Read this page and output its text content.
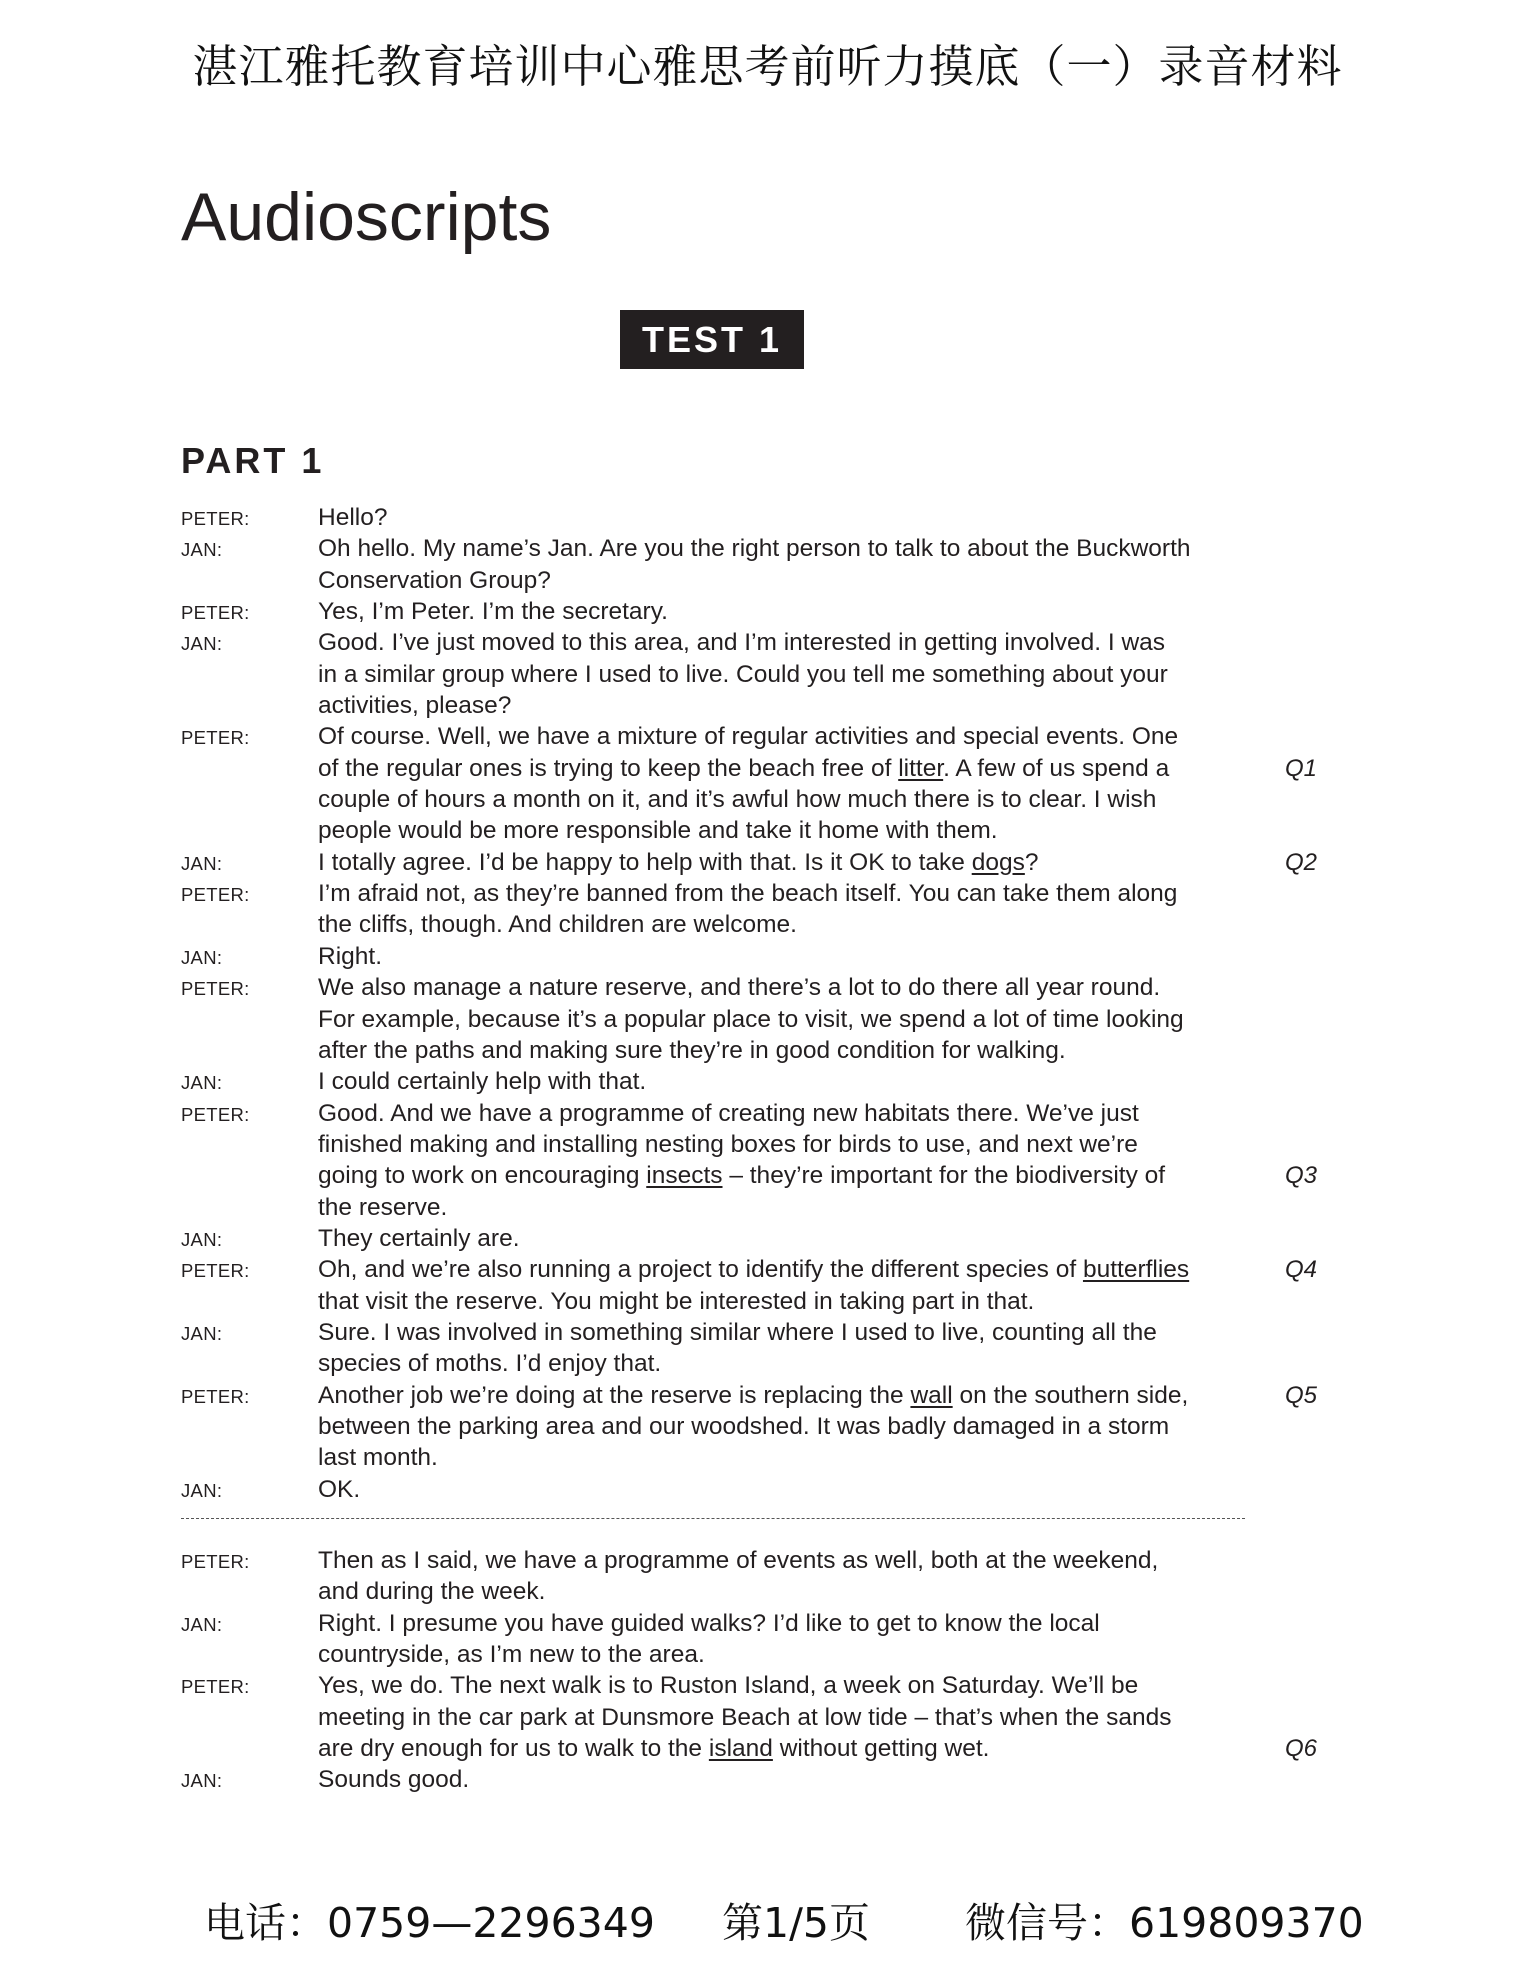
湛江雅托教育培训中心雅思考前听力摸底（一）录音材料
Audioscripts
TEST 1
PART 1
PETER:	Hello?
JAN:	Oh hello. My name’s Jan. Are you the right person to talk to about the Buckworth
Conservation Group?
PETER:	Yes, I’m Peter. I’m the secretary.
JAN:	Good. I’ve just moved to this area, and I’m interested in getting involved. I was
in a similar group where I used to live. Could you tell me something about your
activities, please?
PETER:	Of course. Well, we have a mixture of regular activities and special events. One
of the regular ones is trying to keep the beach free of litter. A few of us spend a	Q1
couple of hours a month on it, and it’s awful how much there is to clear. I wish
people would be more responsible and take it home with them.
JAN:	I totally agree. I’d be happy to help with that. Is it OK to take dogs?	Q2
PETER:	I’m afraid not, as they’re banned from the beach itself. You can take them along
the cliffs, though. And children are welcome.
JAN:	Right.
PETER:	We also manage a nature reserve, and there’s a lot to do there all year round.
For example, because it’s a popular place to visit, we spend a lot of time looking
after the paths and making sure they’re in good condition for walking.
JAN:	I could certainly help with that.
PETER:	Good. And we have a programme of creating new habitats there. We’ve just
finished making and installing nesting boxes for birds to use, and next we’re
going to work on encouraging insects – they’re important for the biodiversity of	Q3
the reserve.
JAN:	They certainly are.
PETER:	Oh, and we’re also running a project to identify the different species of butterflies	Q4
that visit the reserve. You might be interested in taking part in that.
JAN:	Sure. I was involved in something similar where I used to live, counting all the
species of moths. I’d enjoy that.
PETER:	Another job we’re doing at the reserve is replacing the wall on the southern side,	Q5
between the parking area and our woodshed. It was badly damaged in a storm
last month.
JAN:	OK.
PETER:	Then as I said, we have a programme of events as well, both at the weekend,
and during the week.
JAN:	Right. I presume you have guided walks? I’d like to get to know the local
countryside, as I’m new to the area.
PETER:	Yes, we do. The next walk is to Ruston Island, a week on Saturday. We’ll be
meeting in the car park at Dunsmore Beach at low tide – that’s when the sands
are dry enough for us to walk to the island without getting wet.	Q6
JAN:	Sounds good.
电话：0759—2296349 第1/5页 微信号：619809370
